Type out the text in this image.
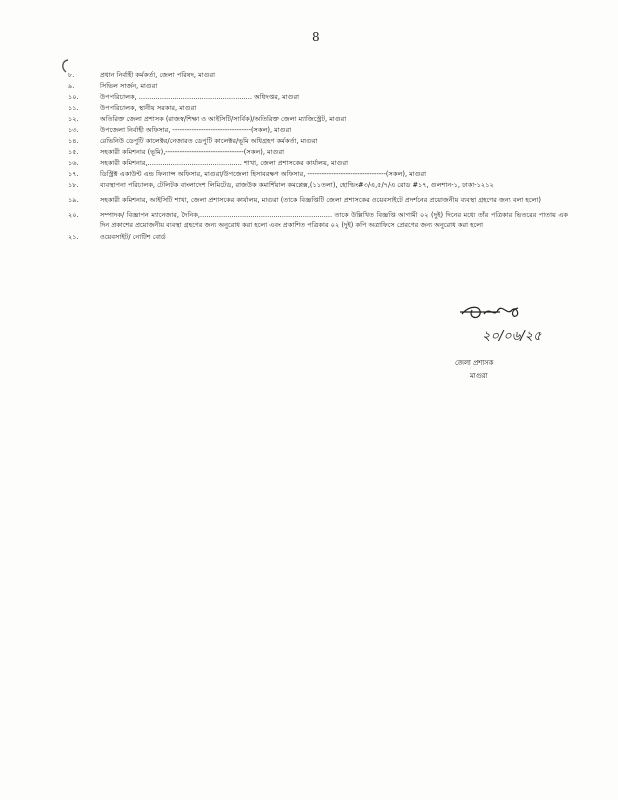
8
৮.	প্রধান নির্বাহী কর্মকর্তা, জেলা পরিষদ, মাগুরা
৯.	সিভিল সার্জন, মাগুরা
১০.	উপপরিচালক, ...................................................... অধিদপ্তর, মাগুরা
১১.	উপপরিচালক, স্থানীয় সরকার, মাগুরা
১২.	অতিরিক্ত জেলা প্রশাসক (রাজস্ব/শিক্ষা ও আইসিটি/সার্বিক)/অতিরিক্ত জেলা ম্যাজিস্ট্রেট, মাগুরা
১৩.	উপজেলা নির্বাহী অফিসার, ---------------------------------(সকল), মাগুরা
১৪.	রেভিনিউ ডেপুটি কালেক্টর/নেজারত ডেপুটি কালেক্টর/ভূমি অধিগ্রহণ কর্মকর্তা, মাগুরা
১৫.	সহকারী কমিশনার (ভূমি),---------------------------------(সকল), মাগুরা
১৬.	সহকারী কমিশনার,............................................. শাখা, জেলা প্রশাসকের কার্যালয়, মাগুরা
১৭.	ডিস্ট্রিক্ট একাউন্ট এন্ড ফিন্যান্স অফিসার, মাগুরা/উপজেলা হিসাবরক্ষণ অফিসার, ---------------------------------(সকল), মাগুরা
১৮.	ব্যবস্থাপনা পরিচালক, টেলিটক বাংলাদেশ লিমিটেড, রাজউক কমার্শিয়াল কমপ্লেক্স,(১১তলা), হোল্ডিং#৩/এ,৫/৭/এ রোড #১৭, গুলশান-১, ঢাকা-১২১২
১৯.	সহকারী কমিশনার, আইসিটি শাখা, জেলা প্রশাসকের কার্যালয়, মাগুরা (তাকে বিজ্ঞপ্তিটি জেলা প্রশাসকের ওয়েবসাইটে প্রদর্শনের প্রয়োজনীয় ব্যবস্থা গ্রহণের জন্য বলা হলো)
২০.	সম্পাদক/ বিজ্ঞাপন ম্যানেজার, দৈনিক,............................................................... তাকে উল্লিখিত বিজ্ঞপ্তি আগামী ০২ (দুই) দিনের মধ্যে তাঁর পত্রিকার ভিতরের পাতায় এক দিন প্রকাশের প্রয়োজনীয় ব্যবস্থা গ্রহণের জন্য অনুরোধ করা হলো এবং প্রকাশিত পত্রিকার ০২ (দুই) কপি অত্রাফিসে প্রেরণের জন্য অনুরোধ করা হলো
২১.	ওয়েবসাইট/ নোটিশ বোর্ড
২০/০৬/২৫
জেলা প্রশাসক
মাগুরা
